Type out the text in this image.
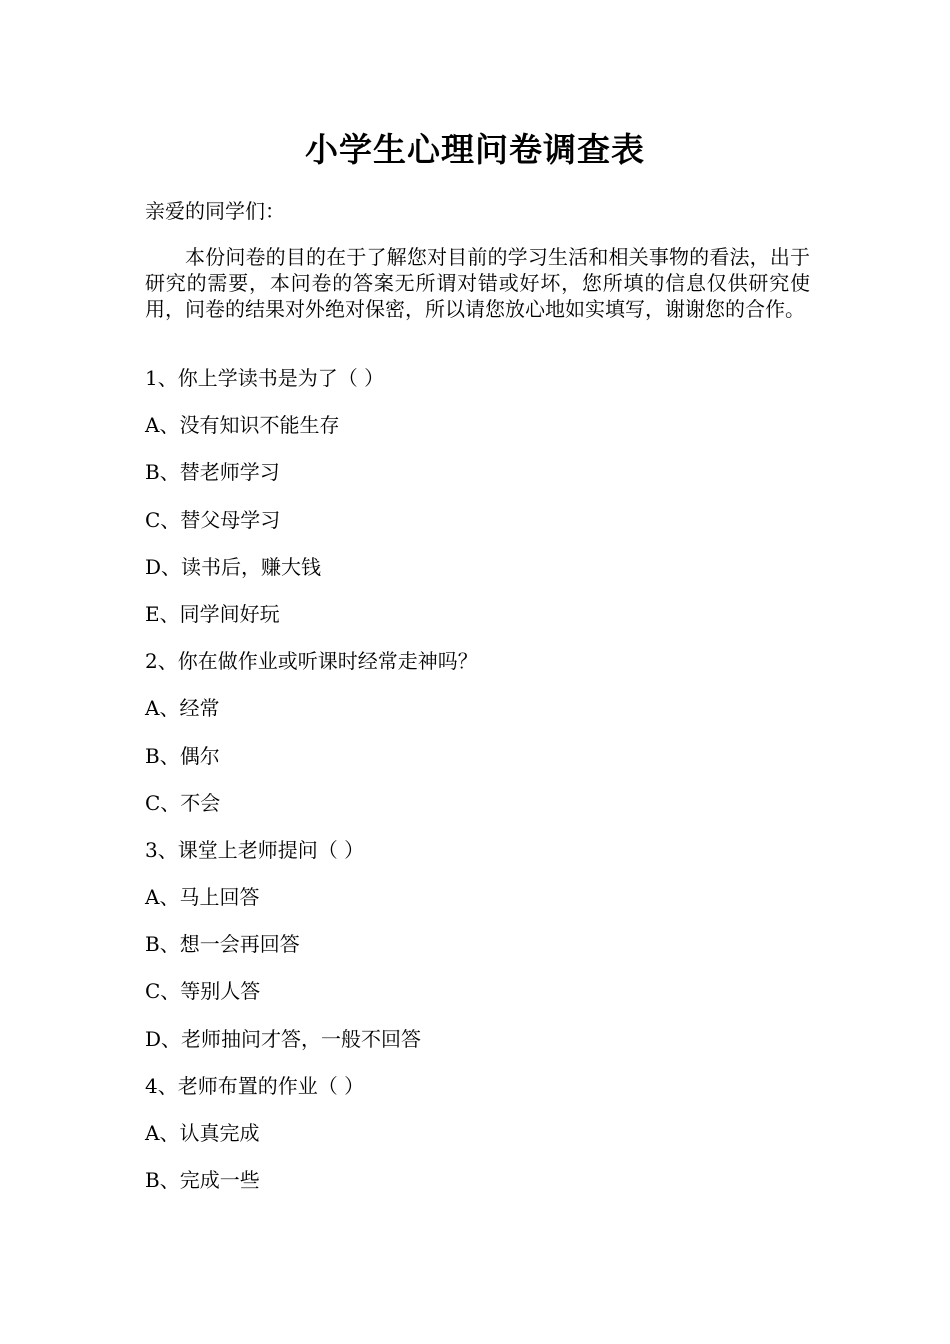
小学生心理问卷调查表
亲爱的同学们：

本份问卷的目的在于了解您对目前的学习生活和相关事物的看法，出于研究的需要，本问卷的答案无所谓对错或好坏，您所填的信息仅供研究使用，问卷的结果对外绝对保密，所以请您放心地如实填写，谢谢您的合作。

1、你上学读书是为了（ ）
A、没有知识不能生存
B、替老师学习
C、替父母学习
D、读书后，赚大钱
E、同学间好玩
2、你在做作业或听课时经常走神吗？
A、经常
B、偶尔
C、不会
3、课堂上老师提问（ ）
A、马上回答
B、想一会再回答
C、等别人答
D、老师抽问才答，一般不回答
4、老师布置的作业（ ）
A、认真完成
B、完成一些
